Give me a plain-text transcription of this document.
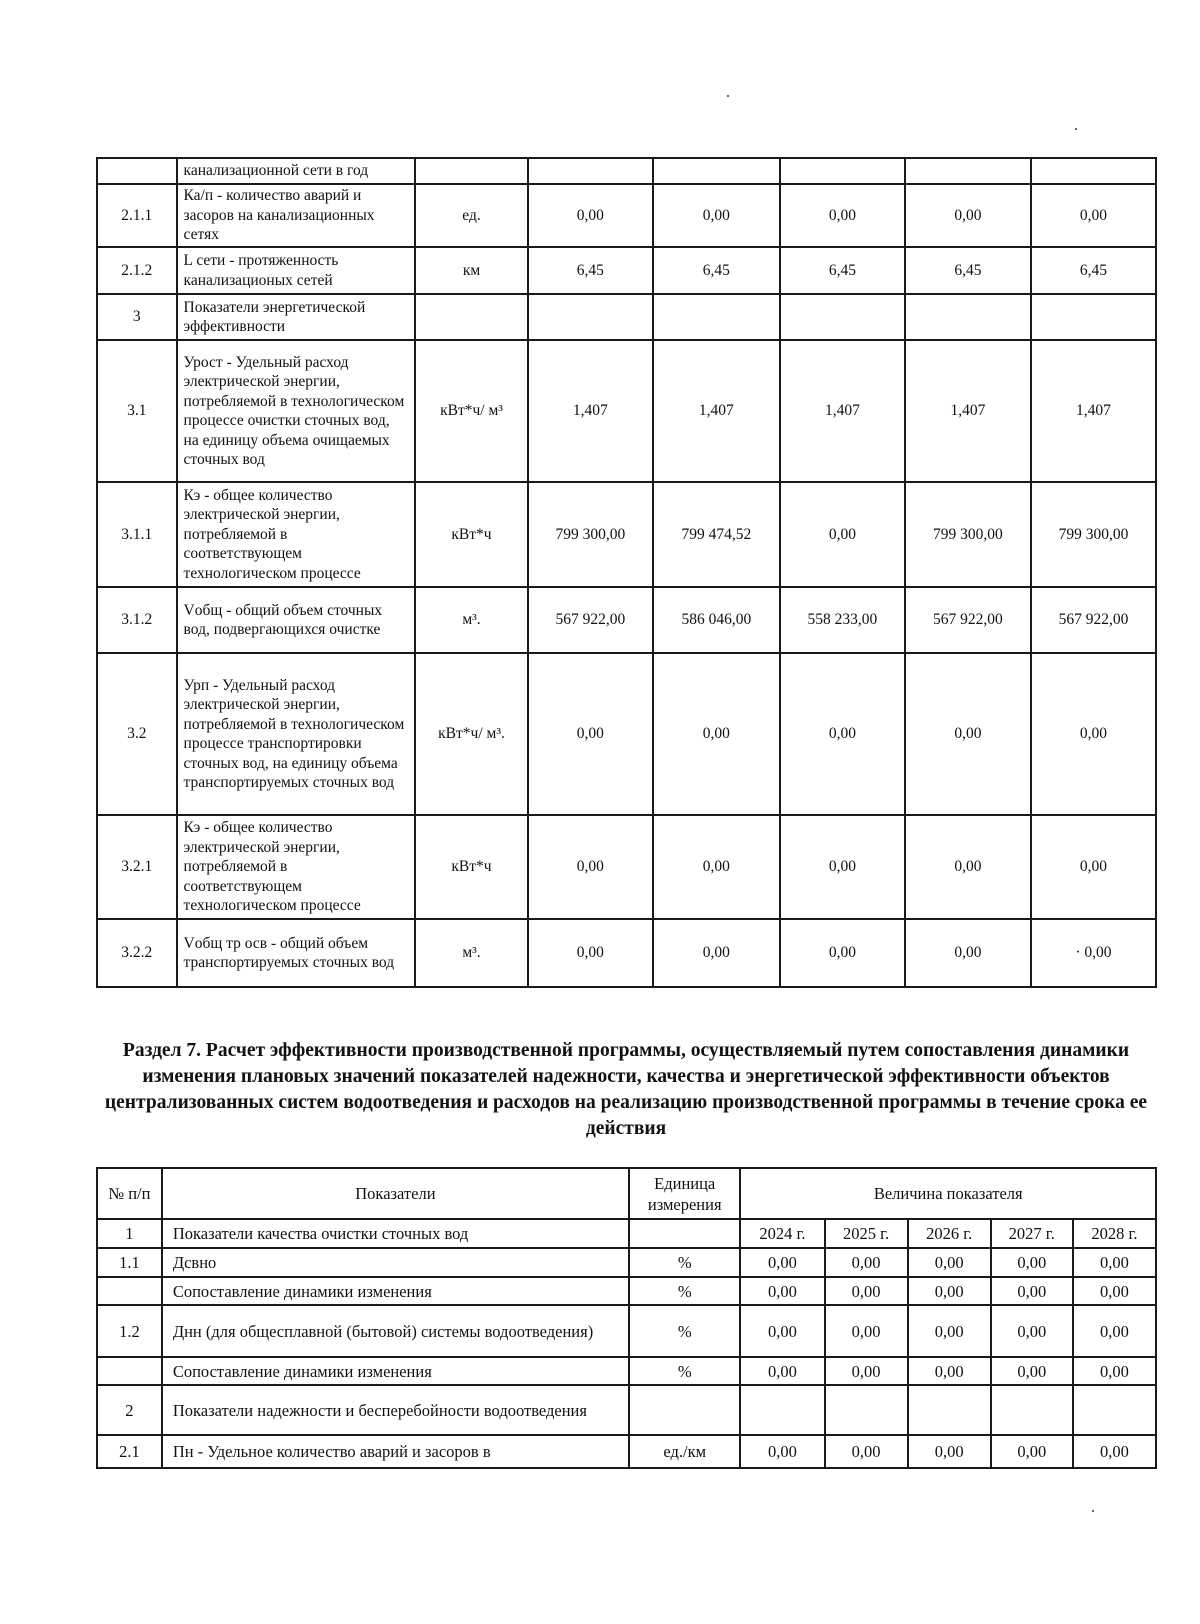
	канализационной сети в год						
2.1.1	Ка/п - количество аварий и засоров на канализационных сетях	ед.	0,00	0,00	0,00	0,00	0,00
2.1.2	L сети - протяженность канализационых сетей	км	6,45	6,45	6,45	6,45	6,45
3	Показатели энергетической эффективности						
3.1	Урост - Удельный расход электрической энергии, потребляемой в технологическом процессе очистки сточных вод, на единицу объема очищаемых сточных вод	кВт*ч/ м³	1,407	1,407	1,407	1,407	1,407
3.1.1	Кэ - общее количество электрической энергии, потребляемой в соответствующем технологическом процессе	кВт*ч	799 300,00	799 474,52	0,00	799 300,00	799 300,00
3.1.2	Vобщ - общий объем сточных вод, подвергающихся очистке	м³.	567 922,00	586 046,00	558 233,00	567 922,00	567 922,00
3.2	Урп - Удельный расход электрической энергии, потребляемой в технологическом процессе транспортировки сточных вод, на единицу объема транспортируемых сточных вод	кВт*ч/ м³.	0,00	0,00	0,00	0,00	0,00
3.2.1	Кэ - общее количество электрической энергии, потребляемой в соответствующем технологическом процессе	кВт*ч	0,00	0,00	0,00	0,00	0,00
3.2.2	Vобщ тр осв - общий объем транспортируемых сточных вод	м³.	0,00	0,00	0,00	0,00	· 0,00
Раздел 7. Расчет эффективности производственной программы, осуществляемый путем сопоставления динамики изменения плановых значений показателей надежности, качества и энергетической эффективности объектов централизованных систем водоотведения и расходов на реализацию производственной программы в течение срока ее действия
№ п/п	Показатели	Единица измерения	Величина показателя				
1	Показатели качества очистки сточных вод		2024 г.	2025 г.	2026 г.	2027 г.	2028 г.
1.1	Дсвно	%	0,00	0,00	0,00	0,00	0,00
	Сопоставление динамики изменения	%	0,00	0,00	0,00	0,00	0,00
1.2	Днн (для общесплавной (бытовой) системы водоотведения)	%	0,00	0,00	0,00	0,00	0,00
	Сопоставление динамики изменения	%	0,00	0,00	0,00	0,00	0,00
2	Показатели надежности и бесперебойности водоотведения						
2.1	Пн - Удельное количество аварий и засоров в	ед./км	0,00	0,00	0,00	0,00	0,00
